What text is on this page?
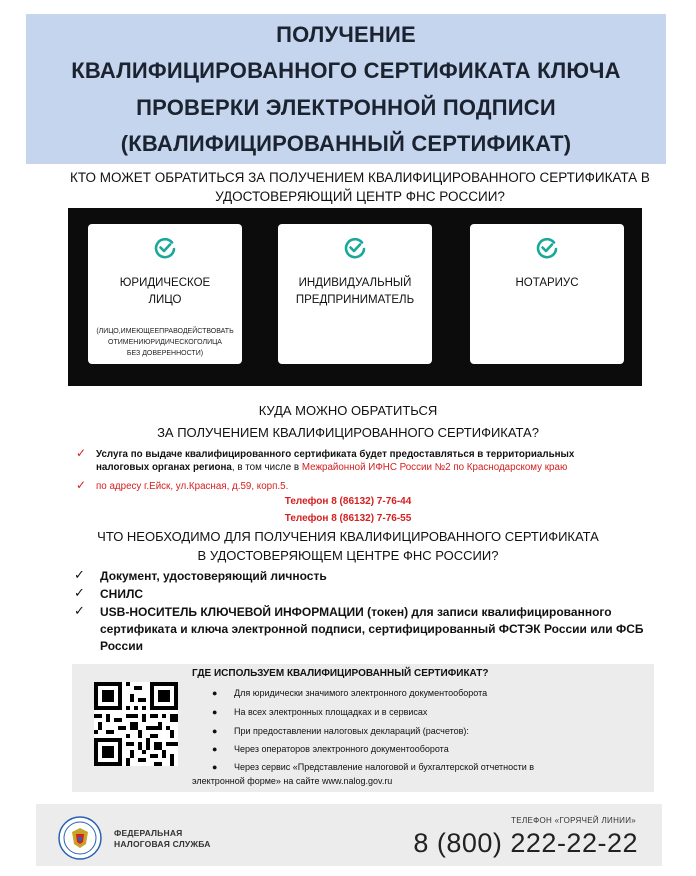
ПОЛУЧЕНИЕ
КВАЛИФИЦИРОВАННОГО СЕРТИФИКАТА КЛЮЧА
ПРОВЕРКИ ЭЛЕКТРОННОЙ ПОДПИСИ
(КВАЛИФИЦИРОВАННЫЙ СЕРТИФИКАТ)
КТО МОЖЕТ ОБРАТИТЬСЯ ЗА ПОЛУЧЕНИЕМ КВАЛИФИЦИРОВАННОГО СЕРТИФИКАТА В
УДОСТОВЕРЯЮЩИЙ ЦЕНТР ФНС РОССИИ?
ЮРИДИЧЕСКОЕ
ЛИЦО
(ЛИЦО,ИМЕЮЩЕЕПРАВОДЕЙСТВОВАТЬ
ОТИМЕНИЮРИДИЧЕСКОГОЛИЦА
БЕЗ ДОВЕРЕННОСТИ)
ИНДИВИДУАЛЬНЫЙ
ПРЕДПРИНИМАТЕЛЬ
НОТАРИУС
КУДА МОЖНО ОБРАТИТЬСЯ
ЗА ПОЛУЧЕНИЕМ КВАЛИФИЦИРОВАННОГО СЕРТИФИКАТА?
✓ Услуга по выдаче квалифицированного сертификата будет предоставляться в территориальных
налоговых органах региона, в том числе в Межрайонной ИФНС России №2 по Краснодарскому краю
✓ по адресу г.Ейск, ул.Красная, д.59, корп.5.
Телефон 8 (86132) 7-76-44
Телефон 8 (86132) 7-76-55
ЧТО НЕОБХОДИМО ДЛЯ ПОЛУЧЕНИЯ КВАЛИФИЦИРОВАННОГО СЕРТИФИКАТА
В УДОСТОВЕРЯЮЩЕМ ЦЕНТРЕ ФНС РОССИИ?
✓ Документ, удостоверяющий личность
✓ СНИЛС
✓ USB-НОСИТЕЛЬ КЛЮЧЕВОЙ ИНФОРМАЦИИ (токен) для записи квалифицированного сертификата и ключа электронной подписи, сертифицированный ФСТЭК России или ФСБ России
ГДЕ ИСПОЛЬЗУЕМ КВАЛИФИЦИРОВАННЫЙ СЕРТИФИКАТ?
● Для юридически значимого электронного документооборота
● На всех электронных площадках и в сервисах
● При предоставлении налоговых деклараций (расчетов):
● Через операторов электронного документооборота
● Через сервис «Представление налоговой и бухгалтерской отчетности в
электронной форме» на сайте www.nalog.gov.ru
ФЕДЕРАЛЬНАЯ
НАЛОГОВАЯ СЛУЖБА
ТЕЛЕФОН «ГОРЯЧЕЙ ЛИНИИ»
8 (800) 222-22-22
